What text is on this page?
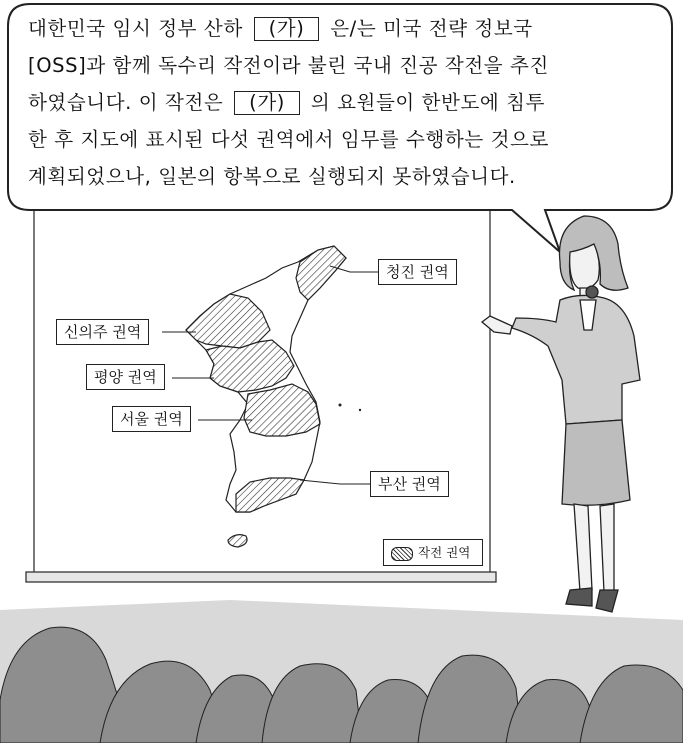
대한민국 임시 정부 산하 (가) 은/는 미국 전략 정보국
[OSS]과 함께 독수리 작전이라 불린 국내 진공 작전을 추진
하였습니다. 이 작전은 (가) 의 요원들이 한반도에 침투
한 후 지도에 표시된 다섯 권역에서 임무를 수행하는 것으로
계획되었으나, 일본의 항복으로 실행되지 못하였습니다.
청진 권역
신의주 권역
평양 권역
서울 권역
부산 권역
작전 권역
